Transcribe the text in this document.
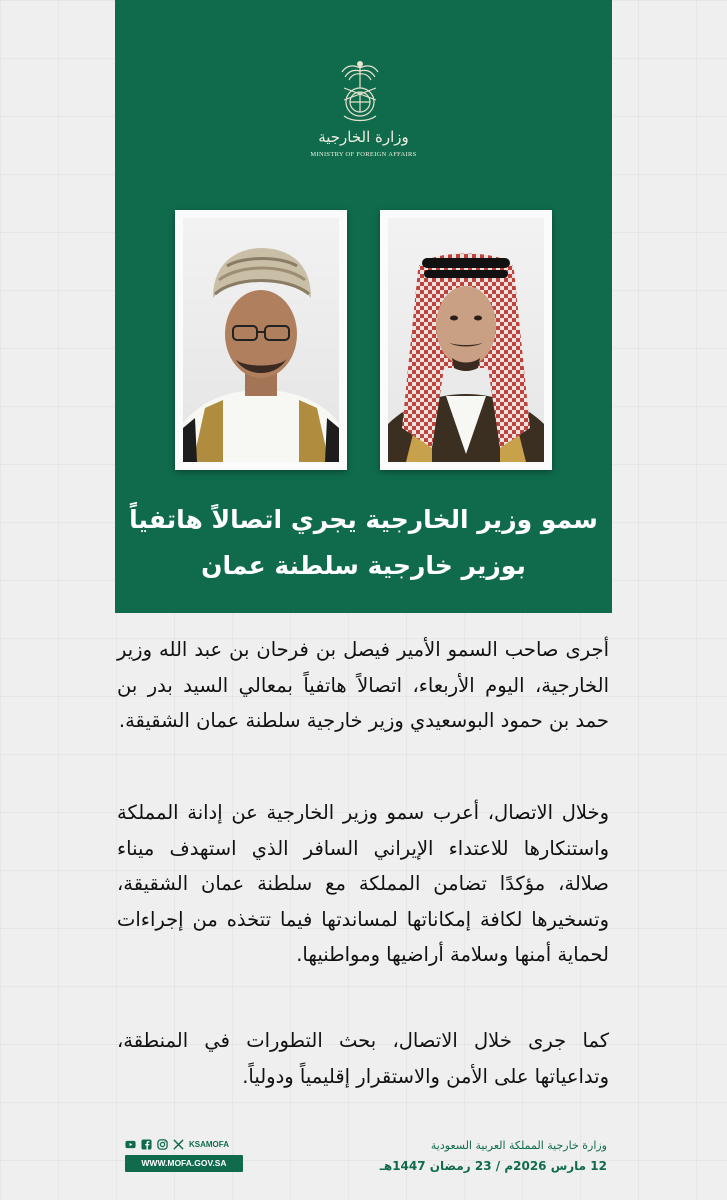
وزارة الخارجية
MINISTRY OF FOREIGN AFFAIRS
سمو وزير الخارجية يجري اتصالاً هاتفياً
بوزير خارجية سلطنة عمان
أجرى صاحب السمو الأمير فيصل بن فرحان بن عبد الله وزير الخارجية، اليوم الأربعاء، اتصالاً هاتفياً بمعالي السيد بدر بن حمد بن حمود البوسعيدي وزير خارجية سلطنة عمان الشقيقة.
وخلال الاتصال، أعرب سمو وزير الخارجية عن إدانة المملكة واستنكارها للاعتداء الإيراني السافر الذي استهدف ميناء صلالة، مؤكدًا تضامن المملكة مع سلطنة عمان الشقيقة، وتسخيرها لكافة إمكاناتها لمساندتها فيما تتخذه من إجراءات لحماية أمنها وسلامة أراضيها ومواطنيها.
كما جرى خلال الاتصال، بحث التطورات في المنطقة، وتداعياتها على الأمن والاستقرار إقليمياً ودولياً.
KSAMOFA
WWW.MOFA.GOV.SA
وزارة خارجية المملكة العربية السعودية
12 مارس 2026م / 23 رمضان 1447هـ
